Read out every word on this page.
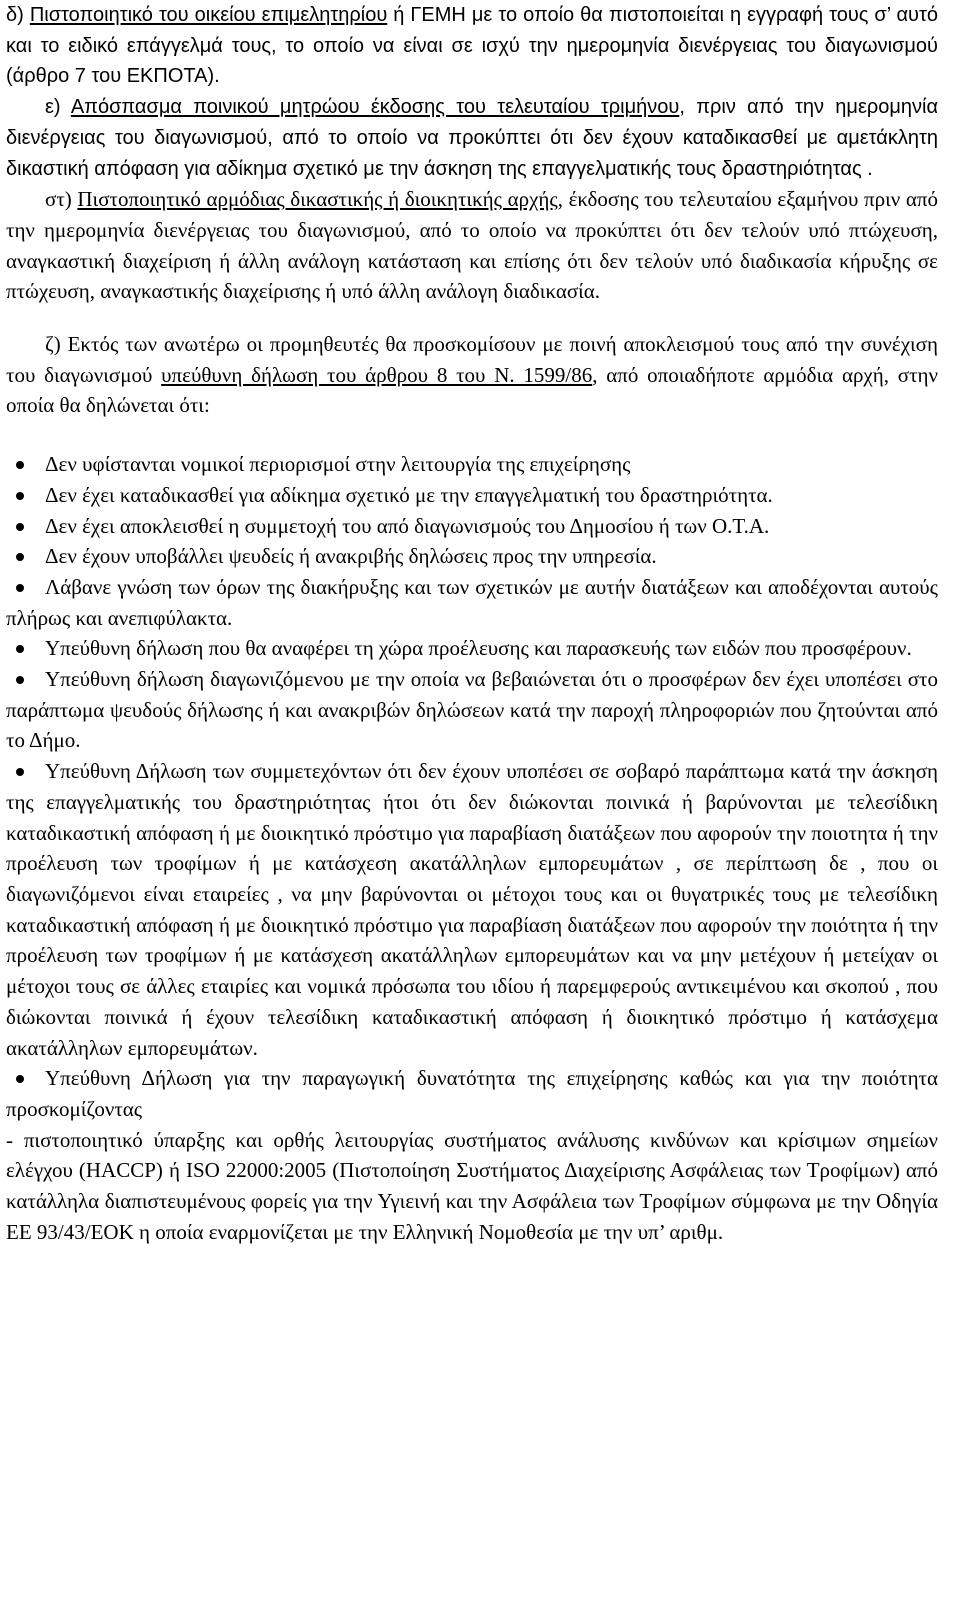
δ) Πιστοποιητικό του οικείου επιμελητηρίου ή ΓΕΜΗ με το οποίο θα πιστοποιείται η εγγραφή τους σ’ αυτό και το ειδικό επάγγελμά τους, το οποίο να είναι σε ισχύ την ημερομηνία διενέργειας του διαγωνισμού (άρθρο 7 του ΕΚΠΟΤΑ).

ε) Απόσπασμα ποινικού μητρώου έκδοσης του τελευταίου τριμήνου, πριν από την ημερομηνία διενέργειας του διαγωνισμού, από το οποίο να προκύπτει ότι δεν έχουν καταδικασθεί με αμετάκλητη δικαστική απόφαση για αδίκημα σχετικό με την άσκηση της επαγγελματικής τους δραστηριότητας .

στ) Πιστοποιητικό αρμόδιας δικαστικής ή διοικητικής αρχής, έκδοσης του τελευταίου εξαμήνου πριν από την ημερομηνία διενέργειας του διαγωνισμού, από το οποίο να προκύπτει ότι δεν τελούν υπό πτώχευση, αναγκαστική διαχείριση ή άλλη ανάλογη κατάσταση και επίσης ότι δεν τελούν υπό διαδικασία κήρυξης σε πτώχευση, αναγκαστικής διαχείρισης ή υπό άλλη ανάλογη διαδικασία.

ζ) Εκτός των ανωτέρω οι προμηθευτές θα προσκομίσουν με ποινή αποκλεισμού τους από την συνέχιση του διαγωνισμού υπεύθυνη δήλωση του άρθρου 8 του Ν. 1599/86, από οποιαδήποτε αρμόδια αρχή, στην οποία θα δηλώνεται ότι:

Δεν υφίστανται νομικοί περιορισμοί στην λειτουργία της επιχείρησης
Δεν έχει καταδικασθεί για αδίκημα σχετικό με την επαγγελματική του δραστηριότητα.
Δεν έχει αποκλεισθεί η συμμετοχή του από διαγωνισμούς του Δημοσίου ή των Ο.Τ.Α.
Δεν έχουν υποβάλλει ψευδείς ή ανακριβής δηλώσεις προς την υπηρεσία.
Λάβανε γνώση των όρων της διακήρυξης και των σχετικών με αυτήν διατάξεων και αποδέχονται αυτούς πλήρως και ανεπιφύλακτα.
Υπεύθυνη δήλωση που θα αναφέρει τη χώρα προέλευσης και παρασκευής των ειδών που προσφέρουν.
Υπεύθυνη δήλωση διαγωνιζόμενου με την οποία να βεβαιώνεται ότι ο προσφέρων δεν έχει υποπέσει στο παράπτωμα ψευδούς δήλωσης ή και ανακριβών δηλώσεων κατά την παροχή πληροφοριών που ζητούνται από το Δήμο.
Υπεύθυνη Δήλωση των συμμετεχόντων ότι δεν έχουν υποπέσει σε σοβαρό παράπτωμα κατά την άσκηση της επαγγελματικής του δραστηριότητας ήτοι ότι δεν διώκονται ποινικά ή βαρύνονται με τελεσίδικη καταδικαστική απόφαση ή με διοικητικό πρόστιμο για παραβίαση διατάξεων που αφορούν την ποιοτητα ή την προέλευση των τροφίμων ή με κατάσχεση ακατάλληλων εμπορευμάτων , σε περίπτωση δε , που οι διαγωνιζόμενοι είναι εταιρείες , να μην βαρύνονται οι μέτοχοι τους και οι θυγατρικές τους με τελεσίδικη καταδικαστική απόφαση ή με διοικητικό πρόστιμο για παραβίαση διατάξεων που αφορούν την ποιότητα ή την προέλευση των τροφίμων ή με κατάσχεση ακατάλληλων εμπορευμάτων και να μην μετέχουν ή μετείχαν οι μέτοχοι τους σε άλλες εταιρίες και νομικά πρόσωπα του ιδίου ή παρεμφερούς αντικειμένου και σκοπού , που διώκονται ποινικά ή έχουν τελεσίδικη καταδικαστική απόφαση ή διοικητικό πρόστιμο ή κατάσχεμα ακατάλληλων εμπορευμάτων.
Υπεύθυνη Δήλωση για την παραγωγική δυνατότητα της επιχείρησης καθώς και για την ποιότητα προσκομίζοντας

- πιστοποιητικό ύπαρξης και ορθής λειτουργίας συστήματος ανάλυσης κινδύνων και κρίσιμων σημείων ελέγχου (HACCP) ή ISO 22000:2005 (Πιστοποίηση Συστήματος Διαχείρισης Ασφάλειας των Τροφίμων) από κατάλληλα διαπιστευμένους φορείς για την Υγιεινή και την Ασφάλεια των Τροφίμων σύμφωνα με την Οδηγία ΕΕ 93/43/ΕΟΚ η οποία εναρμονίζεται με την Ελληνική Νομοθεσία με την υπ’ αριθμ.
